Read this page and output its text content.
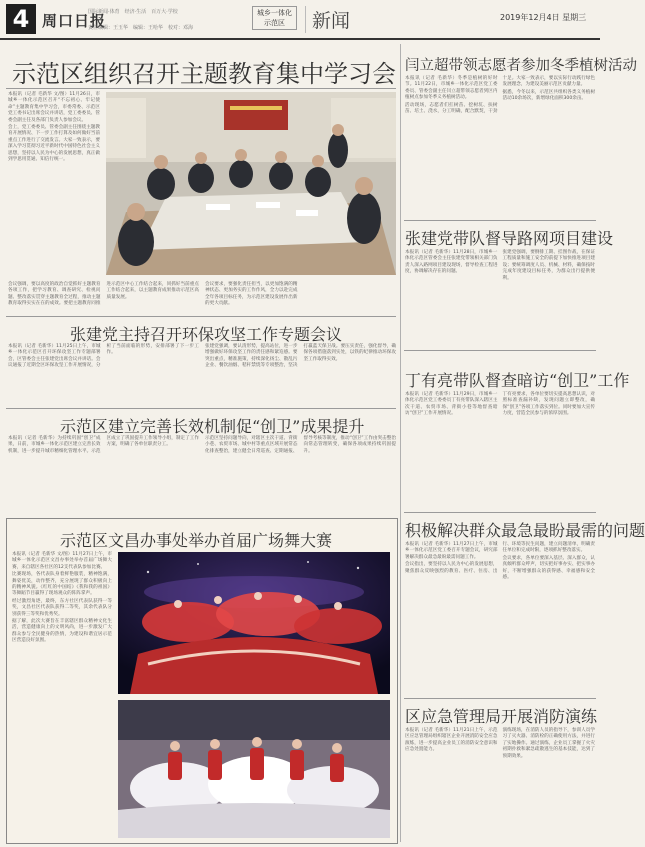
4 周口日报
国际新闻·体育　经济·生活　百万大·学校
责任编辑：王玉华　编辑：王哈华　校对：邓海
城乡一体化
示范区	新闻	2019年12月4日 星期三
示范区组织召开主题教育集中学习会

本报讯（记者 毛新华 文/图）11月26日，市城乡一体化示范区召开“不忘初心、牢记使命”主题教育集中学习会，市委常委、示范区党工委书记出席会议并讲话，党工委委员、管委会副主任及各部门负责人参加会议。

会上，党工委委员、管委会副主任围绕主题教育开展情况、下一步工作打算及如何做好当前重点工作进行了交流发言。大家一致表示，要深入学习贯彻习近平新时代中国特色社会主义思想，坚持以人民为中心的发展思想，真正做到学思用贯通、知信行统一。

会议强调，要以高度的政治自觉抓好主题教育各项工作，把学习教育、调查研究、检视问题、整改落实贯穿主题教育全过程，推动主题教育取得实实在在的成效。要把主题教育同推进示范区中心工作结合起来，同抓好当前重点工作结合起来，以主题教育成果推动示范区高质量发展。

会议要求，要强化责任担当，以更加饱满的精神状态、更加务实的工作作风，全力以赴完成全年各项目标任务，为示范区建设发展作出新的更大贡献。

张建党主持召开环保攻坚工作专题会议

本报讯（记者 毛新华）11月25日上午，市城乡一体化示范区召开环保攻坚工作专题部署会，区管委会主任张建党出席会议并讲话。会议通报了近期全区环保攻坚工作开展情况，分析了当前面临的形势，安排部署了下一步工作。

张建党强调，要认清形势，提高站位，进一步增强做好环保攻坚工作的责任感和紧迫感。要突出重点，精准施策，持续深化扬尘、散乱污企业、餐饮油烟、秸秆禁烧等专项整治，坚决打赢蓝天保卫战。要压实责任，强化督导，确保各项措施落到实处，以铁的纪律推动环保攻坚工作取得实效。

示范区建立完善长效机制促“创卫”成果提升

本报讯（记者 毛新华）为持续巩固“创卫”成果，日前，市城乡一体化示范区建立完善长效机制，进一步提升城市精细化管理水平。示范区成立了巩固提升工作领导小组，制定了工作方案，明确了各单位职责分工。

示范区坚持问题导向，对辖区主次干道、背街小巷、农贸市场、城中村等重点区域开展常态化排查整治，建立健全日常巡查、定期通报、督导考核等制度，推动“创卫”工作由突击整治向常态管理转变，确保各项成果持续巩固提升。

示范区文昌办事处举办首届广场舞大赛

本报讯（记者 毛新华 文/图）11月27日上午，市城乡一体化示范区文昌办事处举办首届广场舞大赛，来自辖区各社区的12支代表队参加比赛。

比赛现场，各代表队身着鲜艳服装，精神饱满，舞姿优美，动作整齐，充分展现了群众积极向上的精神风貌。《红红的中国结》《我和我的祖国》等舞蹈节目赢得了现场观众的阵阵掌声。

经过激烈角逐，最终，东方社区代表队获得一等奖，文昌社区代表队获得二等奖，其余代表队分别获得三等奖和优秀奖。

据了解，此次大赛旨在丰富辖区群众精神文化生活，营造健康向上的文明风尚，进一步激发广大群众参与全民健身的热情，为建设和谐宜居示范区营造良好氛围。

闫立超带领志愿者参加冬季植树活动

本报讯（记者 毛新华）冬季是植树的好时节。11月22日，市城乡一体化示范区党工委委员、管委会副主任闫立超带领志愿者到区内植树点参加冬季义务植树活动。

活动现场，志愿者们扛树苗、挖树坑、扶树苗、培土、浇水，分工明确，配合默契，干劲十足。大家一致表示，要以实际行动践行绿色发展理念，为建设美丽示范区贡献力量。

据悉，今冬以来，示范区共组织各类义务植树活动10余场次，新增绿化面积300余亩。

张建党带队督导路网项目建设

本报讯（记者 毛新华）11月28日，市城乡一体化示范区管委会主任张建党带领相关部门负责人深入路网项目建设现场，督导检查工程进度，协调解决存在的问题。

张建党强调，要倒排工期、挂图作战，在保证工程质量和施工安全的前提下加快推进项目建设；要统筹调度人员、机械、材料，确保按时完成年度建设目标任务，为群众出行提供便利。

丁有亮带队督查暗访“创卫”工作

本报讯（记者 毛新华）11月29日，市城乡一体化示范区党工委委员丁有亮带队深入辖区主次干道、农贸市场、背街小巷等地督查暗访“创卫”工作开展情况。

丁有亮要求，各单位要切实提高思想认识，对照标准查漏补缺，发现问题立即整改，确保“创卫”各项工作落实到位。同时要加大宣传力度，营造全民参与的浓厚氛围。

积极解决群众最急最盼最需的问题

本报讯（记者 毛新华）11月27日上午，市城乡一体化示范区党工委召开专题会议，研究部署解决群众最急最盼最需问题工作。

会议指出，要坚持以人民为中心的发展思想，聚焦群众反映强烈的教育、医疗、住房、出行、环境等民生问题，建立问题清单，明确责任单位和完成时限，逐项抓好整改落实。

会议要求，各单位要深入基层、深入群众，认真倾听群众呼声，切实把好事办实、把实事办好，不断增强群众的获得感、幸福感和安全感。

区应急管理局开展消防演练

本报讯（记者 毛新华）11月21日上午，示范区应急管理局组织辖区企业开展消防安全应急演练，进一步提高企业员工的消防安全意识和应急处置能力。

演练现场，在消防人员的指导下，参训人员学习了灭火器、消防栓的正确使用方法，并进行了实地操作。通过演练，企业员工掌握了火灾初期扑救和紧急疏散逃生的基本技能，达到了预期效果。
